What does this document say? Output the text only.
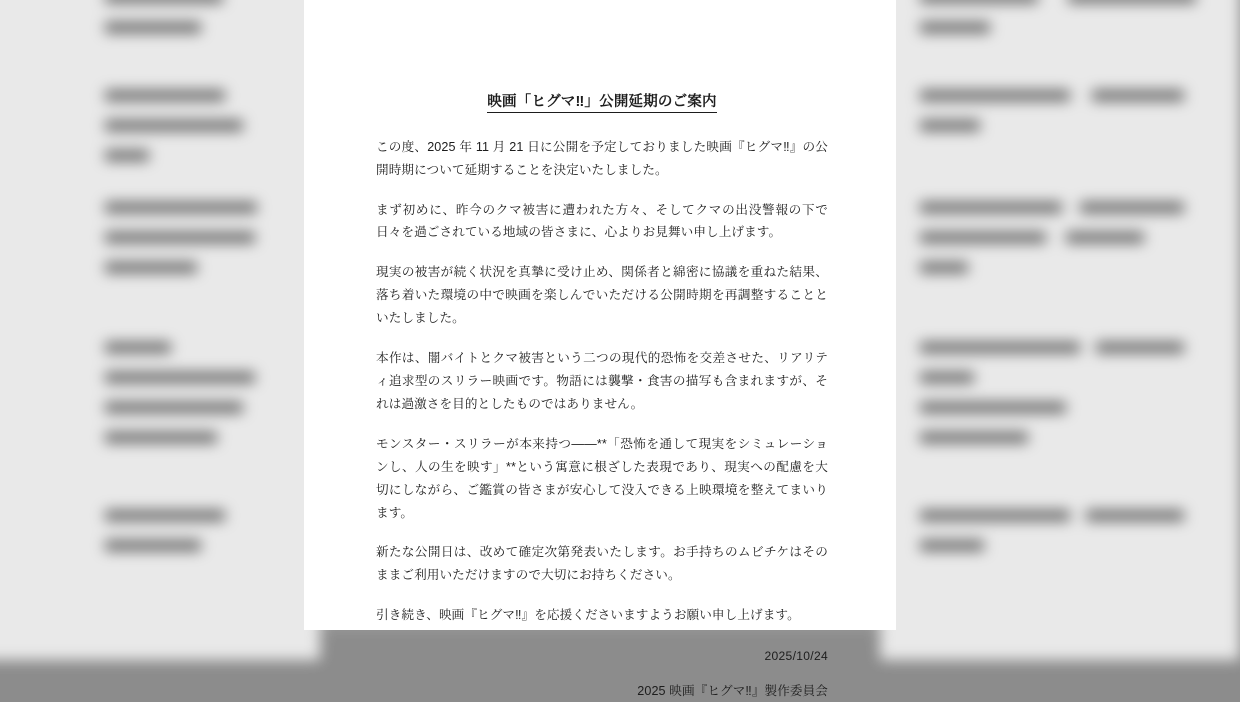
映画「ヒグマ‼」公開延期のご案内

この度、2025 年 11 月 21 日に公開を予定しておりました映画『ヒグマ‼』の公開時期について延期することを決定いたしました。

まず初めに、昨今のクマ被害に遭われた方々、そしてクマの出没警報の下で日々を過ごされている地域の皆さまに、心よりお見舞い申し上げます。

現実の被害が続く状況を真摯に受け止め、関係者と綿密に協議を重ねた結果、落ち着いた環境の中で映画を楽しんでいただける公開時期を再調整することといたしました。

本作は、闇バイトとクマ被害という二つの現代的恐怖を交差させた、リアリティ追求型のスリラー映画です。物語には襲撃・食害の描写も含まれますが、それは過激さを目的としたものではありません。

モンスター・スリラーが本来持つ――**「恐怖を通して現実をシミュレーションし、人の生を映す」**という寓意に根ざした表現であり、現実への配慮を大切にしながら、ご鑑賞の皆さまが安心して没入できる上映環境を整えてまいります。

新たな公開日は、改めて確定次第発表いたします。お手持ちのムビチケはそのままご利用いただけますので大切にお持ちください。

引き続き、映画『ヒグマ‼』を応援くださいますようお願い申し上げます。

2025/10/24
2025 映画『ヒグマ‼』製作委員会
